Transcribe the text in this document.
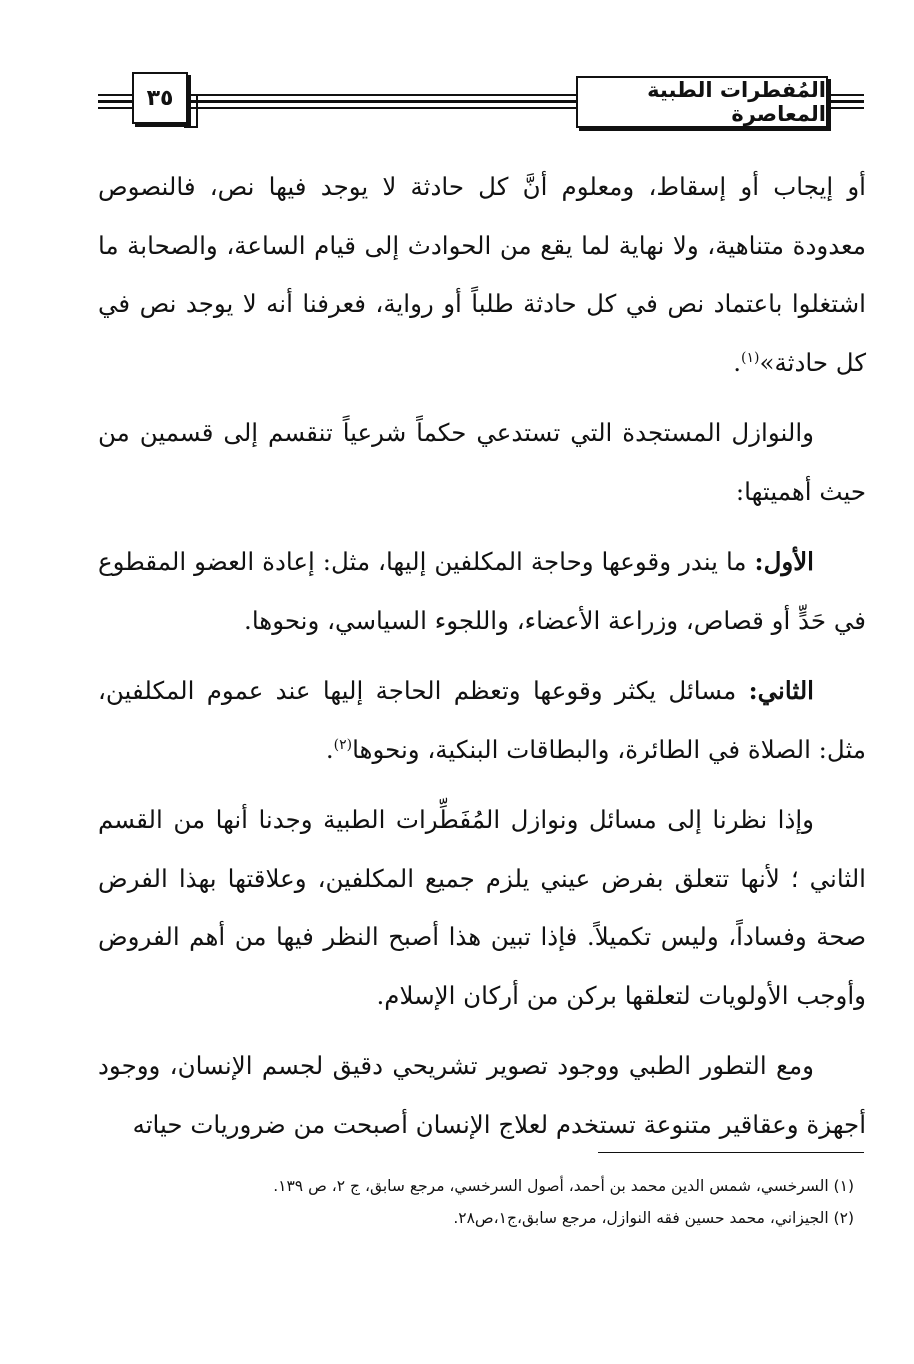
المُفطرات الطبية المعاصرة
٣٥

أو إيجاب أو إسقاط، ومعلوم أنَّ كل حادثة لا يوجد فيها نص، فالنصوص معدودة متناهية، ولا نهاية لما يقع من الحوادث إلى قيام الساعة، والصحابة ما اشتغلوا باعتماد نص في كل حادثة طلباً أو رواية، فعرفنا أنه لا يوجد نص في كل حادثة»$^{(١)}$.

والنوازل المستجدة التي تستدعي حكماً شرعياً تنقسم إلى قسمين من حيث أهميتها:

الأول: ما يندر وقوعها وحاجة المكلفين إليها، مثل: إعادة العضو المقطوع في حَدٍّ أو قصاص، وزراعة الأعضاء، واللجوء السياسي، ونحوها.

الثاني: مسائل يكثر وقوعها وتعظم الحاجة إليها عند عموم المكلفين، مثل: الصلاة في الطائرة، والبطاقات البنكية، ونحوها$^{(٢)}$.

وإذا نظرنا إلى مسائل ونوازل المُفَطِّرات الطبية وجدنا أنها من القسم الثاني ؛ لأنها تتعلق بفرض عيني يلزم جميع المكلفين، وعلاقتها بهذا الفرض صحة وفساداً، وليس تكميلاً. فإذا تبين هذا أصبح النظر فيها من أهم الفروض وأوجب الأولويات لتعلقها بركن من أركان الإسلام.

ومع التطور الطبي ووجود تصوير تشريحي دقيق لجسم الإنسان، ووجود أجهزة وعقاقير متنوعة تستخدم لعلاج الإنسان أصبحت من ضروريات حياته

(١) السرخسي، شمس الدين محمد بن أحمد، أصول السرخسي، مرجع سابق، ج ٢، ص ١٣٩.

(٢) الجيزاني، محمد حسين فقه النوازل، مرجع سابق،ج١،ص٢٨.
